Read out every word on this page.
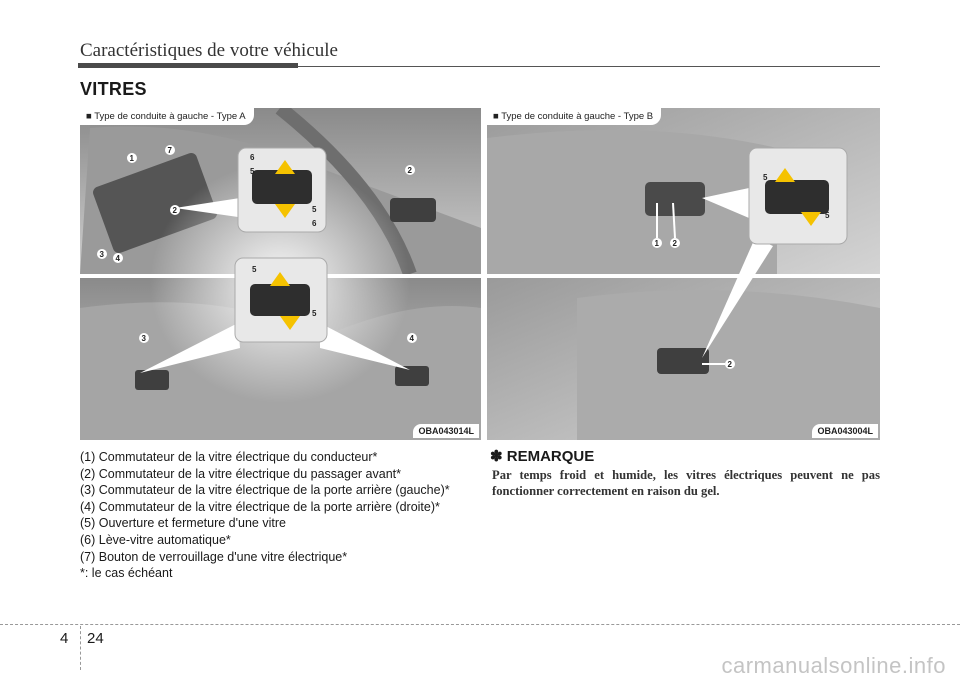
Caractéristiques de votre véhicule
VITRES
■ Type de conduite à gauche - Type A
1
7
2
3 4
6
5
5
6
2
5
5
3	4
OBA043014L
■ Type de conduite à gauche - Type B
1 2
5
5
2
OBA043004L
(1) Commutateur de la vitre électrique du conducteur*
(2) Commutateur de la vitre électrique du passager avant*
(3) Commutateur de la vitre électrique de la porte arrière (gauche)*
(4) Commutateur de la vitre électrique de la porte arrière (droite)*
(5) Ouverture et fermeture d'une vitre
(6) Lève-vitre automatique*
(7) Bouton de verrouillage d'une vitre électrique*
*: le cas échéant
✽ REMARQUE
Par temps froid et humide, les vitres électriques peuvent ne pas fonctionner correctement en raison du gel.
4 24
carmanualsonline.info
